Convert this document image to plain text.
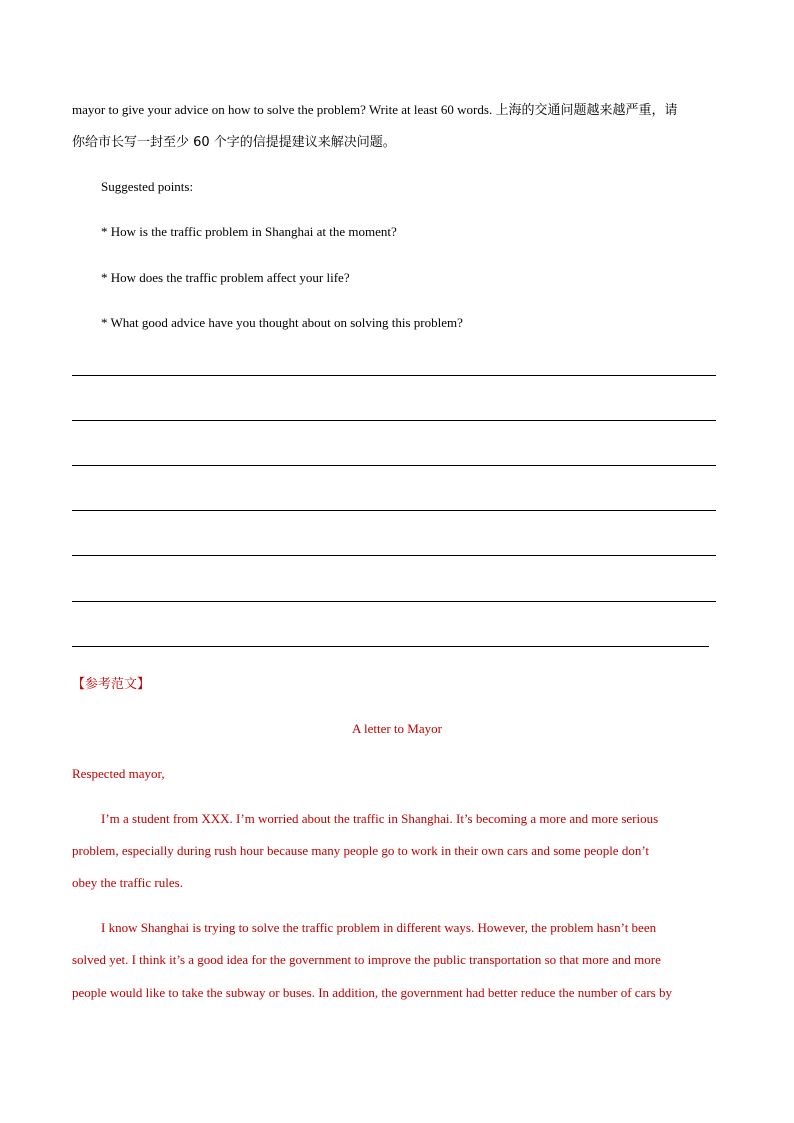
mayor to give your advice on how to solve the problem? Write at least 60 words. 上海的交通问题越来越严重，请
你给市长写一封至少 60 个字的信提提建议来解决问题。
Suggested points:
* How is the traffic problem in Shanghai at the moment?
* How does the traffic problem affect your life?
* What good advice have you thought about on solving this problem?
【参考范文】
A letter to Mayor
Respected mayor,
I’m a student from XXX. I’m worried about the traffic in Shanghai. It’s becoming a more and more serious
problem, especially during rush hour because many people go to work in their own cars and some people don’t
obey the traffic rules.
I know Shanghai is trying to solve the traffic problem in different ways. However, the problem hasn’t been
solved yet. I think it’s a good idea for the government to improve the public transportation so that more and more
people would like to take the subway or buses. In addition, the government had better reduce the number of cars by
